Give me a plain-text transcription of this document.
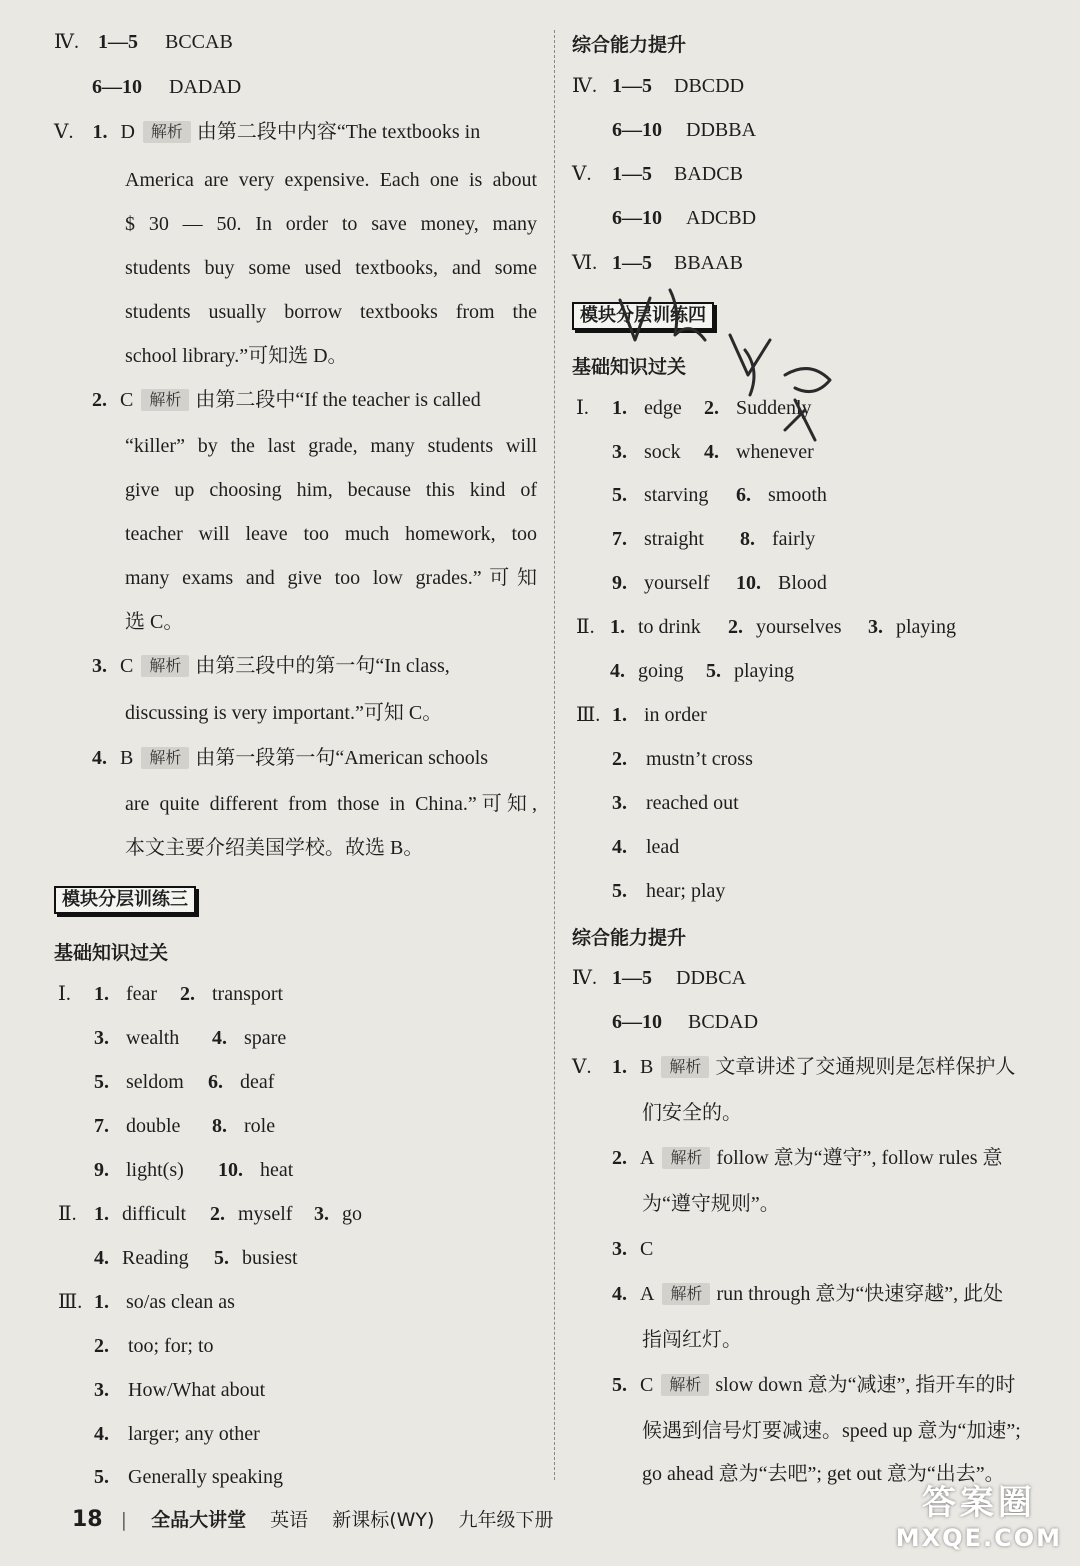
Ⅳ. 1—5 BCCAB
6—10 DADAD
Ⅴ. 1. D 解析 由第二段中内容“The textbooks in
America are very expensive. Each one is about
$ 30 — 50. In order to save money, many
students buy some used textbooks, and some
students usually borrow textbooks from the
school library.”可知选 D。
2. C 解析 由第二段中“If the teacher is called
“killer” by the last grade, many students will
give up choosing him, because this kind of
teacher will leave too much homework, too
many exams and give too low grades.”可知
选 C。
3. C 解析 由第三段中的第一句“In class,
discussing is very important.”可知 C。
4. B 解析 由第一段第一句“American schools
are quite different from those in China.”可知,
本文主要介绍美国学校。故选 B。
模块分层训练三
基础知识过关
Ⅰ. 1. fear 2. transport
3. wealth 4. spare
5. seldom 6. deaf
7. double 8. role
9. light(s) 10. heat
Ⅱ. 1. difficult 2. myself 3. go
4. Reading 5. busiest
Ⅲ. 1. so/as clean as
2. too; for; to
3. How/What about
4. larger; any other
5. Generally speaking
综合能力提升
Ⅳ. 1—5 DBCDD
6—10 DDBBA
Ⅴ. 1—5 BADCB
6—10 ADCBD
Ⅵ. 1—5 BBAAB
模块分层训练四
基础知识过关
Ⅰ. 1. edge 2. Suddenly
3. sock 4. whenever
5. starving 6. smooth
7. straight 8. fairly
9. yourself 10. Blood
Ⅱ. 1. to drink 2. yourselves 3. playing
4. going 5. playing
Ⅲ. 1. in order
2. mustn’t cross
3. reached out
4. lead
5. hear; play
综合能力提升
Ⅳ. 1—5 DDBCA
6—10 BCDAD
Ⅴ. 1. B 解析 文章讲述了交通规则是怎样保护人
们安全的。
2. A 解析 follow 意为“遵守”, follow rules 意
为“遵守规则”。
3. C
4. A 解析 run through 意为“快速穿越”, 此处
指闯红灯。
5. C 解析 slow down 意为“减速”, 指开车的时
候遇到信号灯要减速。speed up 意为“加速”;
go ahead 意为“去吧”; get out 意为“出去”。
18 | 全品大讲堂 英语 新课标(WY) 九年级下册	答案圈
MXQE.COM
